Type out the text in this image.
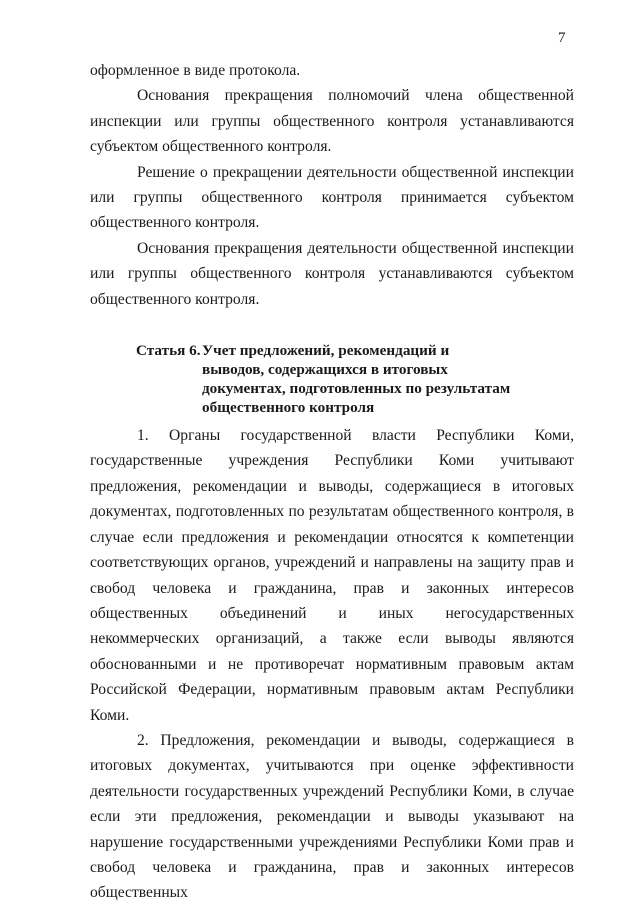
7

оформленное в виде протокола.

Основания прекращения полномочий члена общественной инспекции или группы общественного контроля устанавливаются субъектом общественного контроля.

Решение о прекращении деятельности общественной инспекции или группы общественного контроля принимается субъектом общественного контроля.

Основания прекращения деятельности общественной инспекции или группы общественного контроля устанавливаются субъектом общественного контроля.

Статья 6.Учет предложений, рекомендаций и выводов, содержащихся в итоговых документах, подготовленных по результатам общественного контроля

1. Органы государственной власти Республики Коми, государственные учреждения Республики Коми учитывают предложения, рекомендации и выводы, содержащиеся в итоговых документах, подготовленных по результатам общественного контроля, в случае если предложения и рекомендации относятся к компетенции соответствующих органов, учреждений и направлены на защиту прав и свобод человека и гражданина, прав и законных интересов общественных объединений и иных негосударственных некоммерческих организаций, а также если выводы являются обоснованными и не противоречат нормативным правовым актам Российской Федерации, нормативным правовым актам Республики Коми.

2. Предложения, рекомендации и выводы, содержащиеся в итоговых документах, учитываются при оценке эффективности деятельности государственных учреждений Республики Коми, в случае если эти предложения, рекомендации и выводы указывают на нарушение государственными учреждениями Республики Коми прав и свобод человека и гражданина, прав и законных интересов общественных
